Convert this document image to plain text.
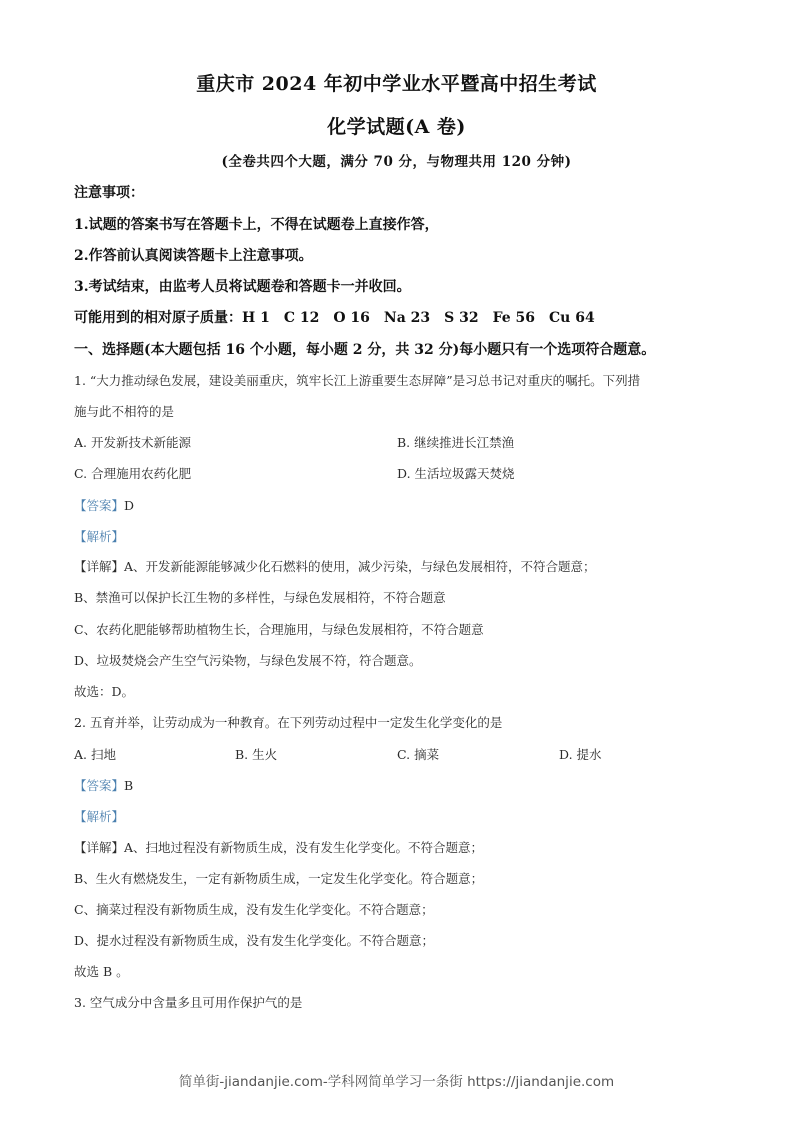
重庆市 2024 年初中学业水平暨高中招生考试
化学试题(A 卷)
(全卷共四个大题，满分 70 分，与物理共用 120 分钟)
注意事项：
1.试题的答案书写在答题卡上，不得在试题卷上直接作答，
2.作答前认真阅读答题卡上注意事项。
3.考试结束，由监考人员将试题卷和答题卡一并收回。
可能用到的相对原子质量：H 1　C 12　O 16　Na 23　S 32　Fe 56　Cu 64
一、选择题(本大题包括 16 个小题，每小题 2 分，共 32 分)每小题只有一个选项符合题意。
1. “大力推动绿色发展，建设美丽重庆，筑牢长江上游重要生态屏障”是习总书记对重庆的嘱托。下列措
施与此不相符的是
A. 开发新技术新能源	B. 继续推进长江禁渔
C. 合理施用农药化肥	D. 生活垃圾露天焚烧
【答案】D
【解析】
【详解】A、开发新能源能够减少化石燃料的使用，减少污染，与绿色发展相符，不符合题意；
B、禁渔可以保护长江生物的多样性，与绿色发展相符，不符合题意
C、农药化肥能够帮助植物生长，合理施用，与绿色发展相符，不符合题意
D、垃圾焚烧会产生空气污染物，与绿色发展不符，符合题意。
故选：D。
2. 五育并举，让劳动成为一种教育。在下列劳动过程中一定发生化学变化的是
A. 扫地	B. 生火	C. 摘菜	D. 提水
【答案】B
【解析】
【详解】A、扫地过程没有新物质生成，没有发生化学变化。不符合题意；
B、生火有燃烧发生，一定有新物质生成，一定发生化学变化。符合题意；
C、摘菜过程没有新物质生成，没有发生化学变化。不符合题意；
D、提水过程没有新物质生成，没有发生化学变化。不符合题意；
故选 B 。
3. 空气成分中含量多且可用作保护气的是
简单街-jiandanjie.com-学科网简单学习一条街 https://jiandanjie.com
